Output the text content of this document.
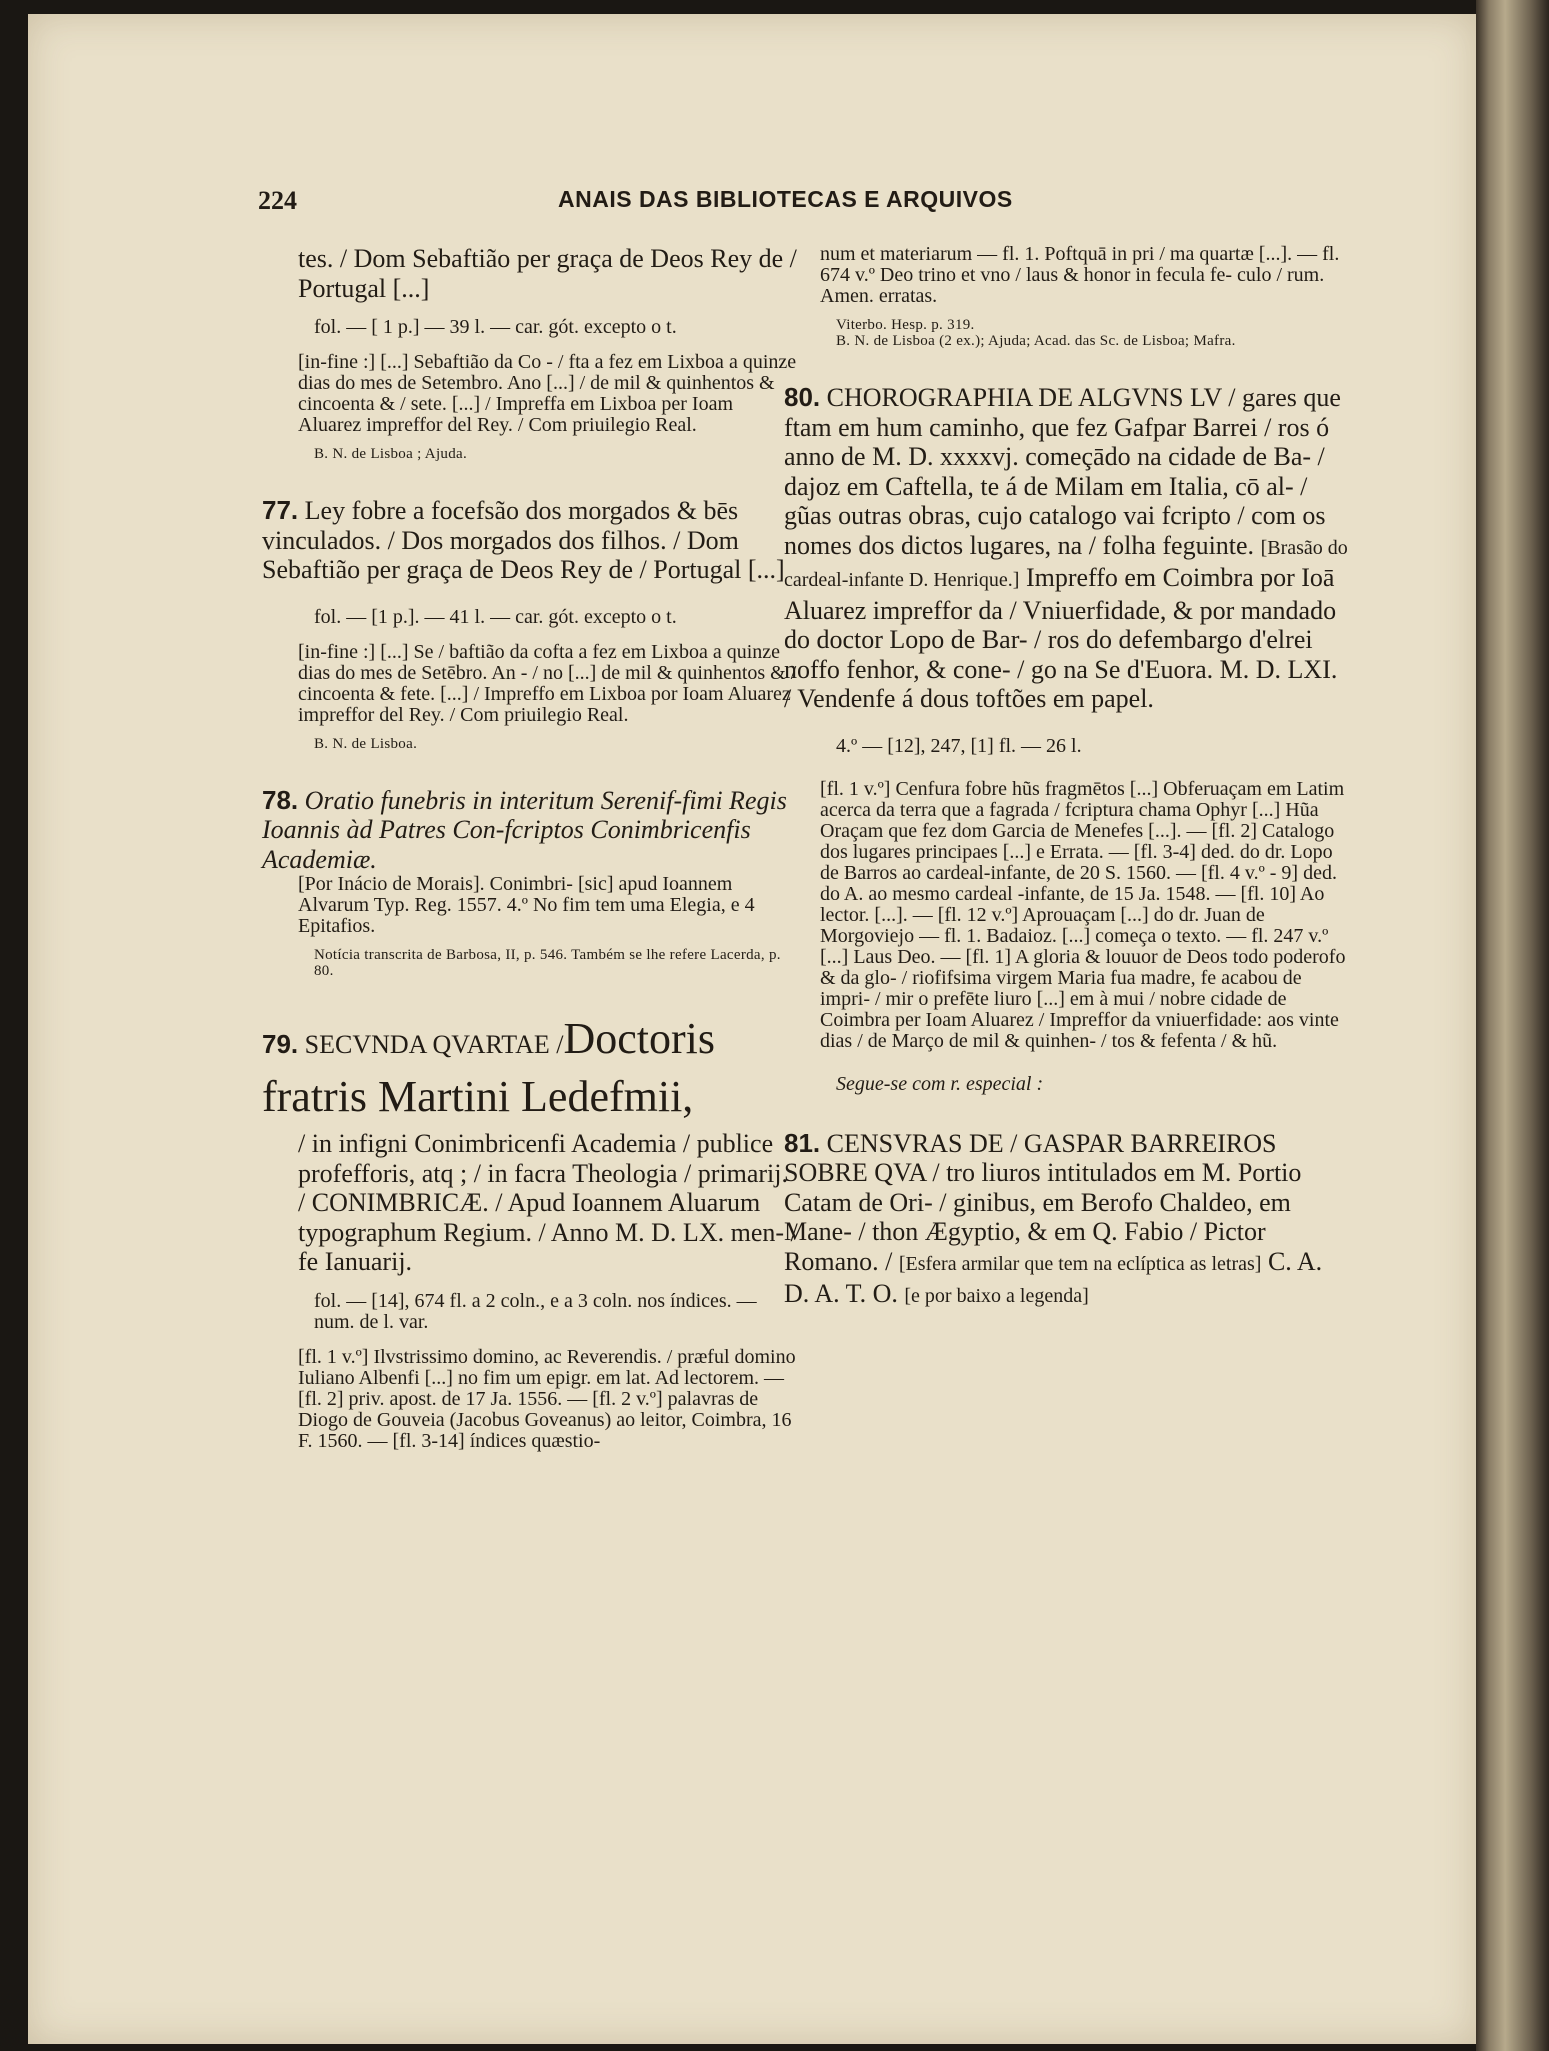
224	ANAIS DAS BIBLIOTECAS E ARQUIVOS

tes. / Dom Sebaftião per graça de Deos Rey de / Portugal [...]

fol. — [ 1 p.] — 39 l. — car. gót. excepto o t.

[in-fine :] [...] Sebaftião da Co - / fta a fez em Lixboa a quinze dias do mes de Setembro. Ano [...] / de mil & quinhentos & cincoenta & / sete. [...] / Impreffa em Lixboa per Ioam Aluarez impreffor del Rey. / Com priuilegio Real.

B. N. de Lisboa ; Ajuda.

77. Ley fobre a focefsão dos morgados & bēs vinculados. / Dos morgados dos filhos. / Dom Sebaftião per graça de Deos Rey de / Portugal [...]

fol. — [1 p.]. — 41 l. — car. gót. excepto o t.

[in-fine :] [...] Se / baftião da cofta a fez em Lixboa a quinze dias do mes de Setēbro. An - / no [...] de mil & quinhentos & / cincoenta & fete. [...] / Impreffo em Lixboa por Ioam Aluarez impreffor del Rey. / Com priuilegio Real.

B. N. de Lisboa.

78. Oratio funebris in interitum Serenif-fimi Regis Ioannis àd Patres Con-fcriptos Conimbricenfis Academiæ.

[Por Inácio de Morais]. Conimbri- [sic] apud Ioannem Alvarum Typ. Reg. 1557. 4.º No fim tem uma Elegia, e 4 Epitafios.

Notícia transcrita de Barbosa, II, p. 546. Também se lhe refere Lacerda, p. 80.

79. SECVNDA QVARTAE /Doctoris fratris Martini Ledefmii,

/ in infigni Conimbricenfi Academia / publice profefforis, atq ; / in facra Theologia / primarij. / CONIMBRICÆ. / Apud Ioannem Aluarum typographum Regium. / Anno M. D. LX. men- / fe Ianuarij.

fol. — [14], 674 fl. a 2 coln., e a 3 coln. nos índices. — num. de l. var.

[fl. 1 v.º] Ilvstrissimo domino, ac Reverendis. / præful domino Iuliano Albenfi [...] no fim um epigr. em lat. Ad lectorem. — [fl. 2] priv. apost. de 17 Ja. 1556. — [fl. 2 v.º] palavras de Diogo de Gouveia (Jacobus Goveanus) ao leitor, Coimbra, 16 F. 1560. — [fl. 3-14] índices quæstio-

num et materiarum — fl. 1. Poftquā in pri / ma quartæ [...]. — fl. 674 v.º Deo trino et vno / laus & honor in fecula fe- culo / rum. Amen. erratas.

Viterbo. Hesp. p. 319.

B. N. de Lisboa (2 ex.); Ajuda; Acad. das Sc. de Lisboa; Mafra.

80. CHOROGRAPHIA DE ALGVNS LV / gares que ftam em hum caminho, que fez Gafpar Barrei / ros ó anno de M. D. xxxxvj. começādo na cidade de Ba- / dajoz em Caftella, te á de Milam em Italia, cō al- / gũas outras obras, cujo catalogo vai fcripto / com os nomes dos dictos lugares, na / folha feguinte. [Brasão do cardeal-infante D. Henrique.] Impreffo em Coimbra por Ioā Aluarez impreffor da / Vniuerfidade, & por mandado do doctor Lopo de Bar- / ros do defembargo d'elrei noffo fenhor, & cone- / go na Se d'Euora. M. D. LXI. / Vendenfe á dous toftões em papel.

4.º — [12], 247, [1] fl. — 26 l.

[fl. 1 v.º] Cenfura fobre hũs fragmētos [...] Obferuaçam em Latim acerca da terra que a fagrada / fcriptura chama Ophyr [...] Hũa Oraçam que fez dom Garcia de Menefes [...]. — [fl. 2] Catalogo dos lugares principaes [...] e Errata. — [fl. 3-4] ded. do dr. Lopo de Barros ao cardeal-infante, de 20 S. 1560. — [fl. 4 v.º - 9] ded. do A. ao mesmo cardeal -infante, de 15 Ja. 1548. — [fl. 10] Ao lector. [...]. — [fl. 12 v.º] Aprouaçam [...] do dr. Juan de Morgoviejo — fl. 1. Badaioz. [...] começa o texto. — fl. 247 v.º [...] Laus Deo. — [fl. 1] A gloria & louuor de Deos todo poderofo & da glo- / riofifsima virgem Maria fua madre, fe acabou de impri- / mir o prefēte liuro [...] em à mui / nobre cidade de Coimbra per Ioam Aluarez / Impreffor da vniuerfidade: aos vinte dias / de Março de mil & quinhen- / tos & fefenta / & hũ.

Segue-se com r. especial :

81. CENSVRAS DE / GASPAR BARREIROS SOBRE QVA / tro liuros intitulados em M. Portio Catam de Ori- / ginibus, em Berofo Chaldeo, em Mane- / thon Ægyptio, & em Q. Fabio / Pictor Romano. / [Esfera armilar que tem na eclíptica as letras] C. A. D. A. T. O. [e por baixo a legenda]
